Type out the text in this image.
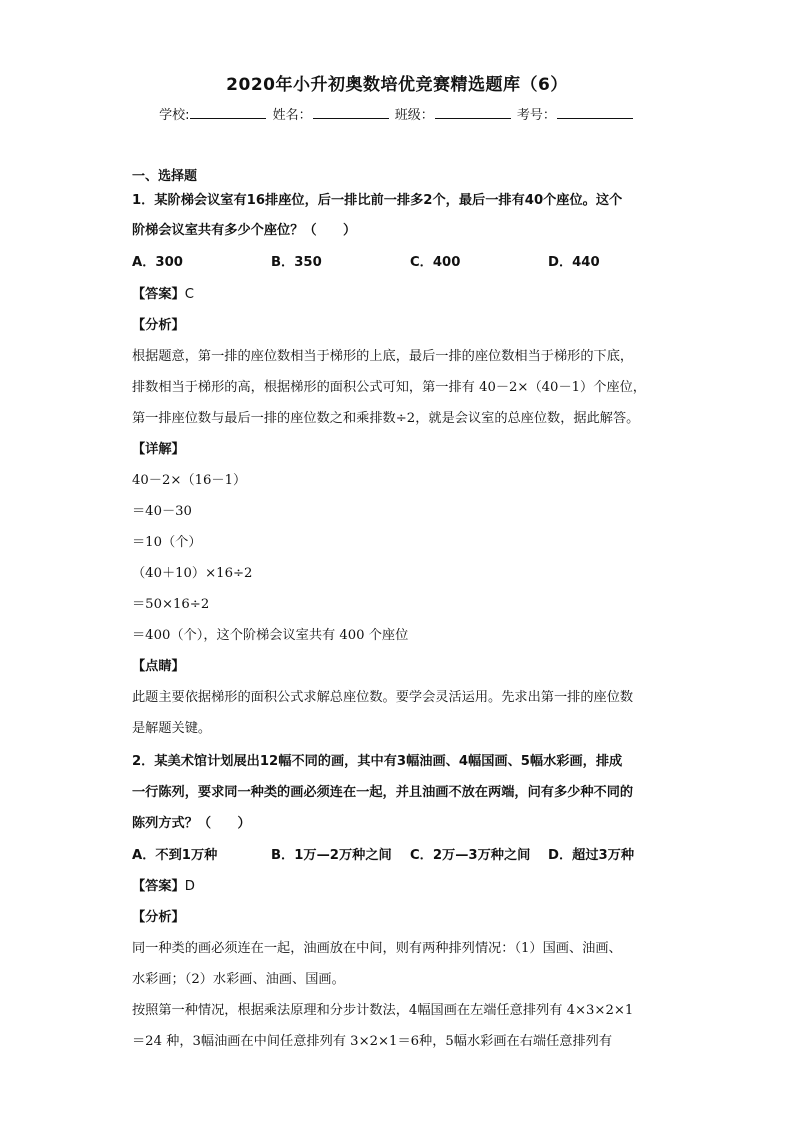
2020年小升初奥数培优竞赛精选题库（6）
学校:	姓名：	班级：	考号：
一、选择题
1．某阶梯会议室有16排座位，后一排比前一排多2个，最后一排有40个座位。这个
阶梯会议室共有多少个座位？（　　）
A．300	B．350	C．400	D．440
【答案】C
【分析】
根据题意，第一排的座位数相当于梯形的上底，最后一排的座位数相当于梯形的下底，
排数相当于梯形的高，根据梯形的面积公式可知，第一排有 40－2×（40－1）个座位，
第一排座位数与最后一排的座位数之和乘排数÷2，就是会议室的总座位数，据此解答。
【详解】
40－2×（16－1）
＝40－30
＝10（个）
（40＋10）×16÷2
＝50×16÷2
＝400（个），这个阶梯会议室共有 400 个座位
【点睛】
此题主要依据梯形的面积公式求解总座位数。要学会灵活运用。先求出第一排的座位数
是解题关键。
2．某美术馆计划展出12幅不同的画，其中有3幅油画、4幅国画、5幅水彩画，排成
一行陈列，要求同一种类的画必须连在一起，并且油画不放在两端，问有多少种不同的
陈列方式？（　　）
A．不到1万种	B．1万—2万种之间 C．2万—3万种之间 D．超过3万种
【答案】D
【分析】
同一种类的画必须连在一起，油画放在中间，则有两种排列情况：（1）国画、油画、
水彩画；（2）水彩画、油画、国画。
按照第一种情况，根据乘法原理和分步计数法，4幅国画在左端任意排列有 4×3×2×1
＝24 种，3幅油画在中间任意排列有 3×2×1＝6种，5幅水彩画在右端任意排列有
